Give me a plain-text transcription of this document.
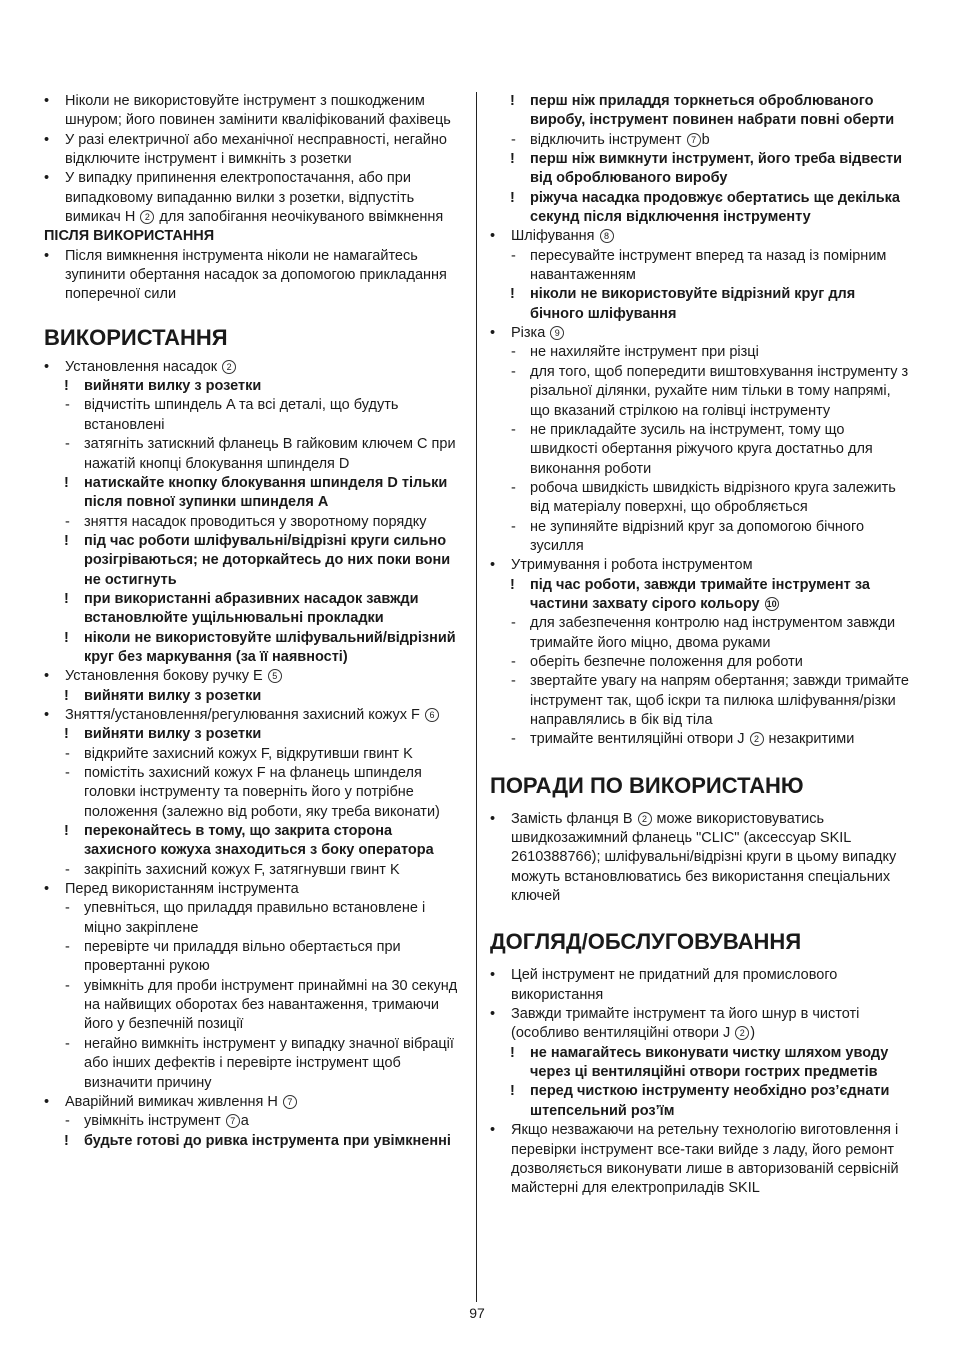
• Ніколи не використовуйте інструмент з пошкодженим шнуром; його повинен замінити кваліфікований фахівець
• У разі електричної або механічної несправності, негайно відключите інструмент і вимкніть з розетки
• У випадку припинення електропостачання, або при випадковому випаданню вилки з розетки, відпустіть вимикач H 2 для запобігання неочікуваного ввімкнення
ПІСЛЯ ВИКОРИСТАННЯ
• Після вимкнення інструмента ніколи не намагайтесь зупинити обертання насадок за допомогою прикладання поперечної сили
ВИКОРИСТАННЯ
• Установлення насадок 2
! вийняти вилку з розетки
- відчистіть шпиндель A та всі деталі, що будуть встановлені
- затягніть затискний фланець B гайковим ключем C при нажатій кнопці блокування шпинделя D
! натискайте кнопку блокування шпинделя D тільки після повної зупинки шпинделя A
- зняття насадок проводиться у зворотному порядку
! під час роботи шліфувальні/відрізні круги сильно розігріваються; не доторкайтесь до них поки вони не остигнуть
! при використанні абразивних насадок завжди встановлюйте ущільнювальні прокладки
! ніколи не використовуйте шліфувальний/відрізний круг без маркування (за її наявності)
• Установлення бокову ручку E 5
! вийняти вилку з розетки
• Зняття/установлення/регулювання захисний кожух F 6
! вийняти вилку з розетки
- відкрийте захисний кожух F, відкрутивши гвинт K
- помістіть захисний кожух F на фланець шпинделя головки інструменту та поверніть його у потрібне положення (залежно від роботи, яку треба виконати)
! переконайтесь в тому, що закрита сторона захисного кожуха знаходиться з боку оператора
- закріпіть захисний кожух F, затягнувши гвинт K
• Перед використанням інструмента
- упевніться, що приладдя правильно встановлене і міцно закріплене
- перевірте чи приладдя вільно обертається при провертанні рукою
- увімкніть для проби інструмент принаймні на 30 секунд на найвищих оборотах без навантаження, тримаючи його у безпечній позиції
- негайно вимкніть інструмент у випадку значної вібрації або інших дефектів і перевірте інструмент щоб визначити причину
• Аварійний вимикач живлення H 7
- увімкніть інструмент 7 a
! будьте готові до ривка інструмента при увімкненні
! перш ніж приладдя торкнеться оброблюваного виробу, інструмент повинен набрати повні оберти
- відключить інструмент 7 b
! перш ніж вимкнути інструмент, його треба відвести від оброблюваного виробу
! ріжуча насадка продовжує обертатись ще декілька секунд після відключення інструменту
• Шліфування 8
- пересувайте інструмент вперед та назад із помірним навантаженням
! ніколи не використовуйте відрізний круг для бічного шліфування
• Різка 9
- не нахиляйте інструмент при різці
- для того, щоб попередити виштовхування інструменту з різальної ділянки, рухайте ним тільки в тому напрямі, що вказаний стрілкою на голівці інструменту
- не прикладайте зусиль на інструмент, тому що швидкості обертання ріжучого круга достатньо для виконання роботи
- робоча швидкість швидкість відрізного круга залежить від матеріалу поверхні, що обробляється
- не зупиняйте відрізний круг за допомогою бічного зусилля
• Утримування і робота інструментом
! під час роботи, завжди тримайте інструмент за частини захвату сірого кольору 10
- для забезпечення контролю над інструментом завжди тримайте його міцно, двома руками
- оберіть безпечне положення для роботи
- звертайте увагу на напрям обертання; завжди тримайте інструмент так, щоб іскри та пилюка шліфування/різки направлялись в бік від тіла
- тримайте вентиляційні отвори J 2 незакритими
ПОРАДИ ПО ВИКОРИСТАНЮ
• Замість фланця B 2 може використовуватись швидкозажимний фланець "CLIC" (аксессуар SKIL 2610388766); шліфувальні/відрізні круги в цьому випадку можуть встановлюватись без використання спеціальних ключей
ДОГЛЯД/ОБСЛУГОВУВАННЯ
• Цей інструмент не придатний для промислового використання
• Завжди тримайте інструмент та його шнур в чистоті (особливо вентиляційні отвори J 2 )
! не намагайтесь виконувати чистку шляхом уводу через ці вентиляційні отвори гострих предметів
! перед чисткою інструменту необхідно роз’єднати штепсельний роз’їм
• Якщо незважаючи на ретельну технологію виготовлення і перевірки інструмент все-таки вийде з ладу, його ремонт дозволяється виконувати лише в авторизованій сервісній майстерні для електроприладів SKIL
97
